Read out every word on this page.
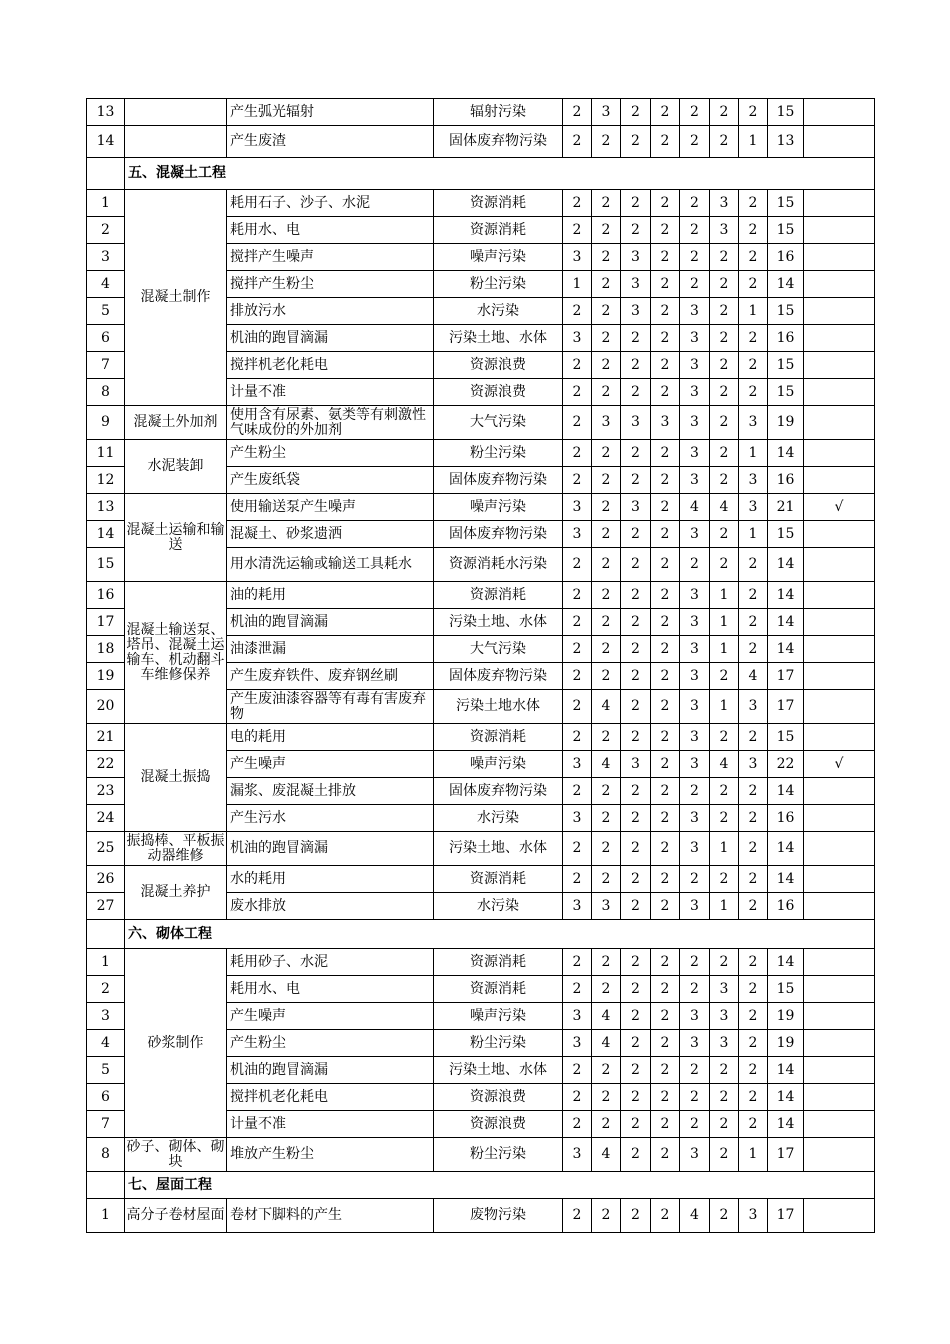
13		产生弧光辐射	辐射污染	2	3	2	2	2	2	2	15	
14		产生废渣	固体废弃物污染	2	2	2	2	2	2	1	13	
	五、混凝土工程											
1	混凝土制作	耗用石子、沙子、水泥	资源消耗	2	2	2	2	2	3	2	15	
2		耗用水、电	资源消耗	2	2	2	2	2	3	2	15	
3		搅拌产生噪声	噪声污染	3	2	3	2	2	2	2	16	
4		搅拌产生粉尘	粉尘污染	1	2	3	2	2	2	2	14	
5		排放污水	水污染	2	2	3	2	3	2	1	15	
6		机油的跑冒滴漏	污染土地、水体	3	2	2	2	3	2	2	16	
7		搅拌机老化耗电	资源浪费	2	2	2	2	3	2	2	15	
8		计量不准	资源浪费	2	2	2	2	3	2	2	15	
9	混凝土外加剂	使用含有尿素、氨类等有刺激性气味成份的外加剂	大气污染	2	3	3	3	3	2	3	19	
11	水泥装卸	产生粉尘	粉尘污染	2	2	2	2	3	2	1	14	
12		产生废纸袋	固体废弃物污染	2	2	2	2	3	2	3	16	
13	混凝土运输和输送	使用输送泵产生噪声	噪声污染	3	2	3	2	4	4	3	21	√
14		混凝土、砂浆遗洒	固体废弃物污染	3	2	2	2	3	2	1	15	
15		用水清洗运输或输送工具耗水	资源消耗水污染	2	2	2	2	2	2	2	14	
16	混凝土输送泵、塔吊、混凝土运输车、机动翻斗车维修保养	油的耗用	资源消耗	2	2	2	2	3	1	2	14	
17		机油的跑冒滴漏	污染土地、水体	2	2	2	2	3	1	2	14	
18		油漆泄漏	大气污染	2	2	2	2	3	1	2	14	
19		产生废弃铁件、废弃钢丝刷	固体废弃物污染	2	2	2	2	3	2	4	17	
20		产生废油漆容器等有毒有害废弃物	污染土地水体	2	4	2	2	3	1	3	17	
21	混凝土振捣	电的耗用	资源消耗	2	2	2	2	3	2	2	15	
22		产生噪声	噪声污染	3	4	3	2	3	4	3	22	√
23		漏浆、废混凝土排放	固体废弃物污染	2	2	2	2	2	2	2	14	
24		产生污水	水污染	3	2	2	2	3	2	2	16	
25	振捣棒、平板振动器维修	机油的跑冒滴漏	污染土地、水体	2	2	2	2	3	1	2	14	
26	混凝土养护	水的耗用	资源消耗	2	2	2	2	2	2	2	14	
27		废水排放	水污染	3	3	2	2	3	1	2	16	
	六、砌体工程											
1	砂浆制作	耗用砂子、水泥	资源消耗	2	2	2	2	2	2	2	14	
2		耗用水、电	资源消耗	2	2	2	2	2	3	2	15	
3		产生噪声	噪声污染	3	4	2	2	3	3	2	19	
4		产生粉尘	粉尘污染	3	4	2	2	3	3	2	19	
5		机油的跑冒滴漏	污染土地、水体	2	2	2	2	2	2	2	14	
6		搅拌机老化耗电	资源浪费	2	2	2	2	2	2	2	14	
7		计量不准	资源浪费	2	2	2	2	2	2	2	14	
8	砂子、砌体、砌块	堆放产生粉尘	粉尘污染	3	4	2	2	3	2	1	17	
	七、屋面工程											
1	高分子卷材屋面	卷材下脚料的产生	废物污染	2	2	2	2	4	2	3	17	
